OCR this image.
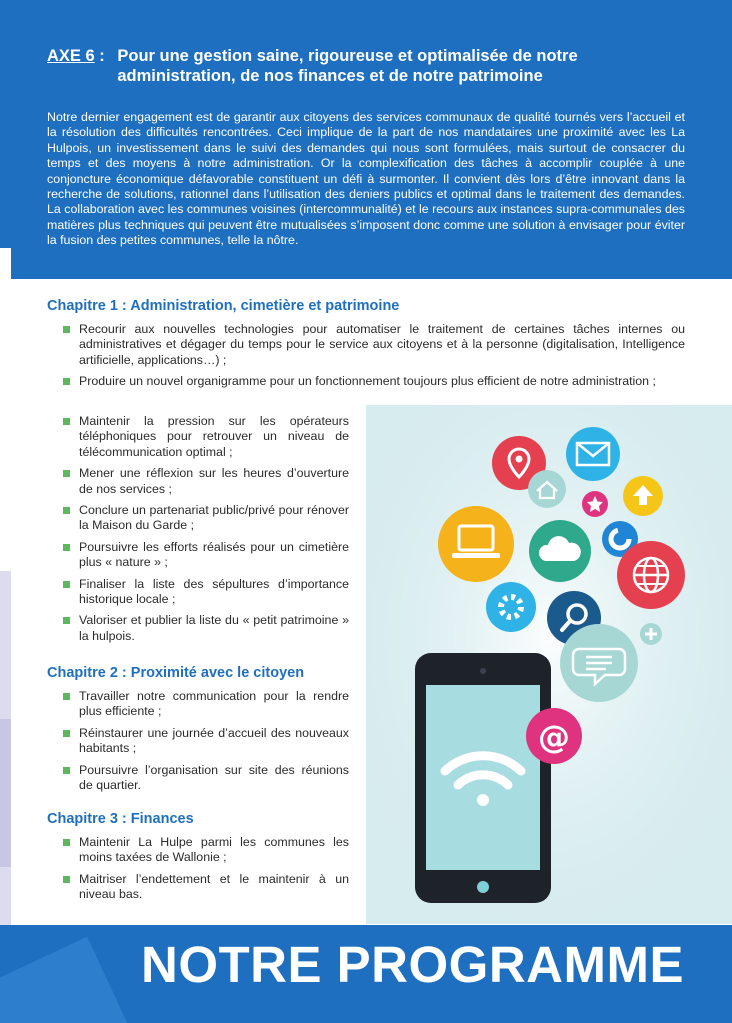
AXE 6 : Pour une gestion saine, rigoureuse et optimalisée de notre administration, de nos finances et de notre patrimoine

Notre dernier engagement est de garantir aux citoyens des services communaux de qualité tournés vers l’accueil et la résolution des difficultés rencontrées. Ceci implique de la part de nos mandataires une proximité avec les La Hulpois, un investissement dans le suivi des demandes qui nous sont formulées, mais surtout de consacrer du temps et des moyens à notre administration. Or la complexification des tâches à accomplir couplée à une conjoncture économique défavorable constituent un défi à surmonter. Il convient dès lors d’être innovant dans la recherche de solutions, rationnel dans l’utilisation des deniers publics et optimal dans le traitement des demandes. La collaboration avec les communes voisines (intercommunalité) et le recours aux instances supra-communales des matières plus techniques qui peuvent être mutualisées s’imposent donc comme une solution à envisager pour éviter la fusion des petites communes, telle la nôtre.

Chapitre 1 : Administration, cimetière et patrimoine
Recourir aux nouvelles technologies pour automatiser le traitement de certaines tâches internes ou administratives et dégager du temps pour le service aux citoyens et à la personne (digitalisation, Intelligence artificielle, applications…) ;
Produire un nouvel organigramme pour un fonctionnement toujours plus efficient de notre administration ;
Maintenir la pression sur les opérateurs téléphoniques pour retrouver un niveau de télécommunication optimal ;
Mener une réflexion sur les heures d’ouverture de nos services ;
Conclure un partenariat public/privé pour rénover la Maison du Garde ;
Poursuivre les efforts réalisés pour un cimetière plus « nature » ;
Finaliser la liste des sépultures d’importance historique locale ;
Valoriser et publier la liste du « petit patrimoine » la hulpois.
Chapitre 2 : Proximité avec le citoyen
Travailler notre communication pour la rendre plus efficiente ;
Réinstaurer une journée d’accueil des nouveaux habitants ;
Poursuivre l’organisation sur site des réunions de quartier.
Chapitre 3 : Finances
Maintenir La Hulpe parmi les communes les moins taxées de Wallonie ;
Maitriser l’endettement et le maintenir à un niveau bas.
@
NOTRE PROGRAMME
